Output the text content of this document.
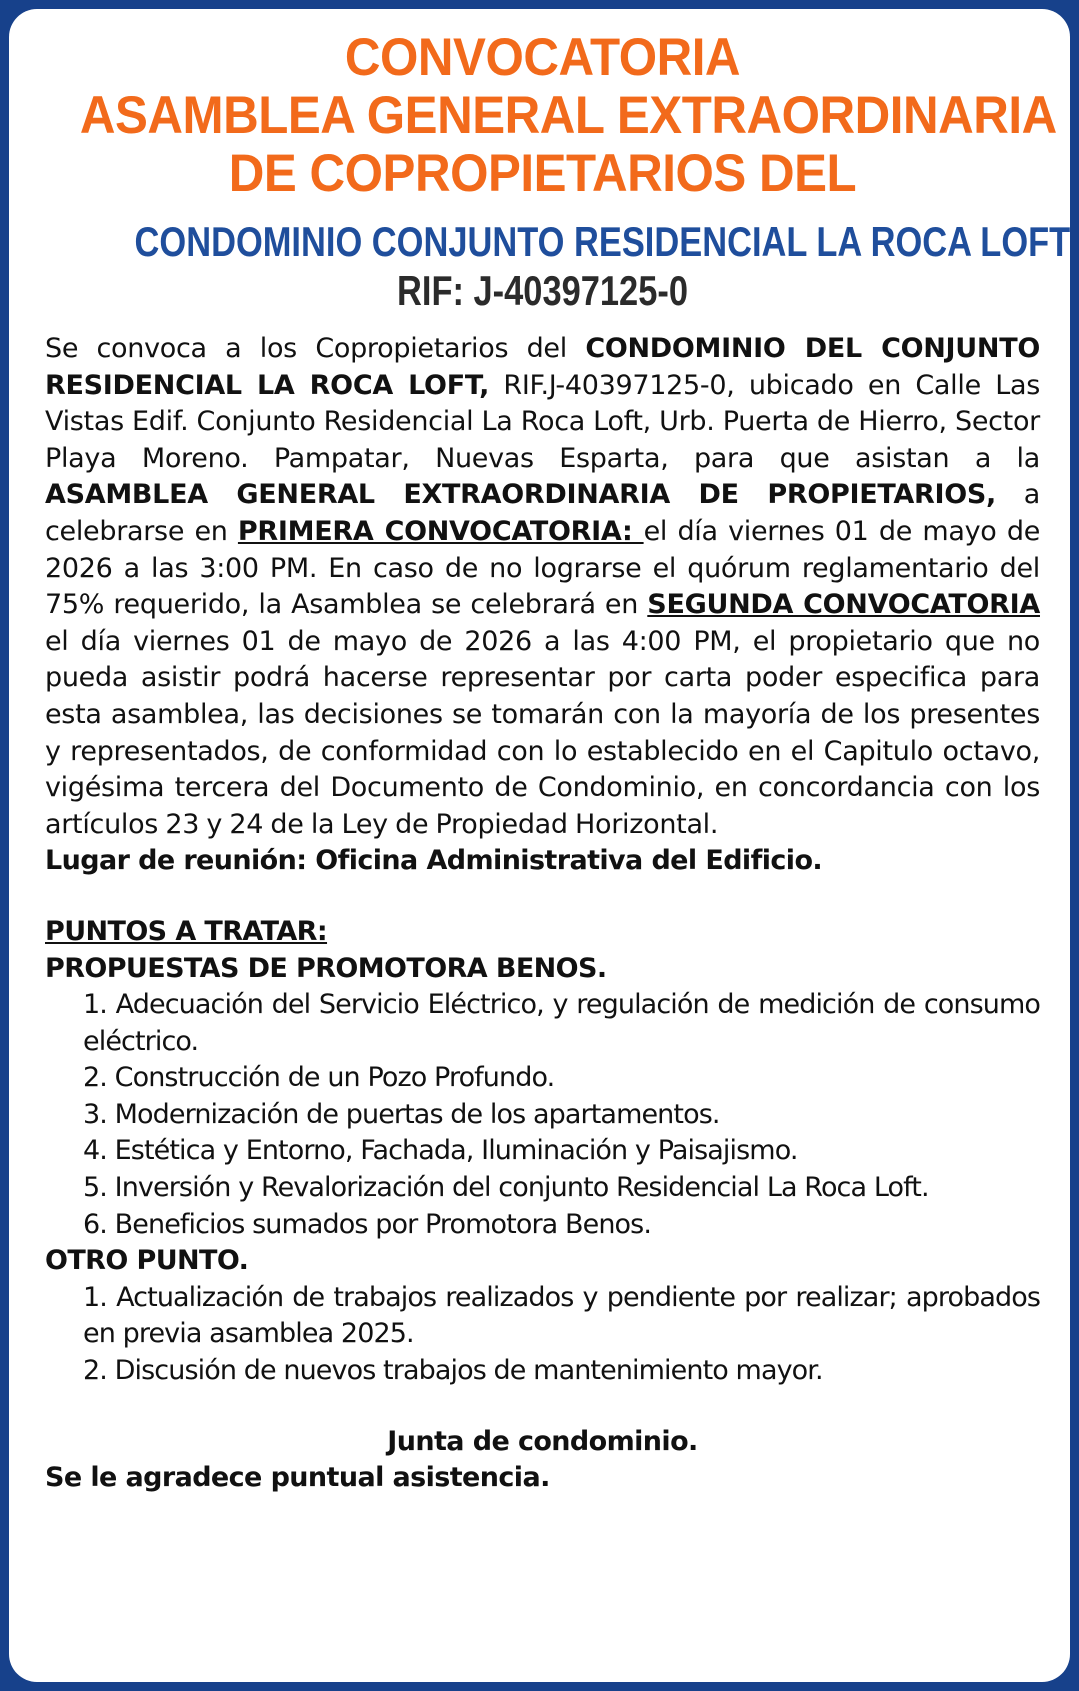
CONVOCATORIA
ASAMBLEA GENERAL EXTRAORDINARIA
DE COPROPIETARIOS DEL
CONDOMINIO CONJUNTO RESIDENCIAL LA ROCA LOFT
RIF: J-40397125-0
Se convoca a los Copropietarios del CONDOMINIO DEL CONJUNTO RESIDENCIAL LA ROCA LOFT, RIF.J-40397125-0, ubicado en Calle Las Vistas Edif. Conjunto Residencial La Roca Loft, Urb. Puerta de Hierro, Sector Playa Moreno. Pampatar, Nuevas Esparta, para que asistan a la ASAMBLEA GENERAL EXTRAORDINARIA DE PROPIETARIOS, a celebrarse en PRIMERA CONVOCATORIA: el día viernes 01 de mayo de 2026 a las 3:00 PM. En caso de no lograrse el quórum reglamentario del 75% requerido, la Asamblea se celebrará en SEGUNDA CONVOCATORIA el día viernes 01 de mayo de 2026 a las 4:00 PM, el propietario que no pueda asistir podrá hacerse representar por carta poder especifica para esta asamblea, las decisiones se tomarán con la mayoría de los presentes y representados, de conformidad con lo establecido en el Capitulo octavo, vigésima tercera del Documento de Condominio, en concordancia con los artículos 23 y 24 de la Ley de Propiedad Horizontal.
Lugar de reunión: Oficina Administrativa del Edificio.
PUNTOS A TRATAR:
PROPUESTAS DE PROMOTORA BENOS.
1. Adecuación del Servicio Eléctrico, y regulación de medición de consumo eléctrico.
2. Construcción de un Pozo Profundo.
3. Modernización de puertas de los apartamentos.
4. Estética y Entorno, Fachada, Iluminación y Paisajismo.
5. Inversión y Revalorización del conjunto Residencial La Roca Loft.
6. Beneficios sumados por Promotora Benos.
OTRO PUNTO.
1. Actualización de trabajos realizados y pendiente por realizar; aprobados en previa asamblea 2025.
2. Discusión de nuevos trabajos de mantenimiento mayor.
Junta de condominio.
Se le agradece puntual asistencia.
